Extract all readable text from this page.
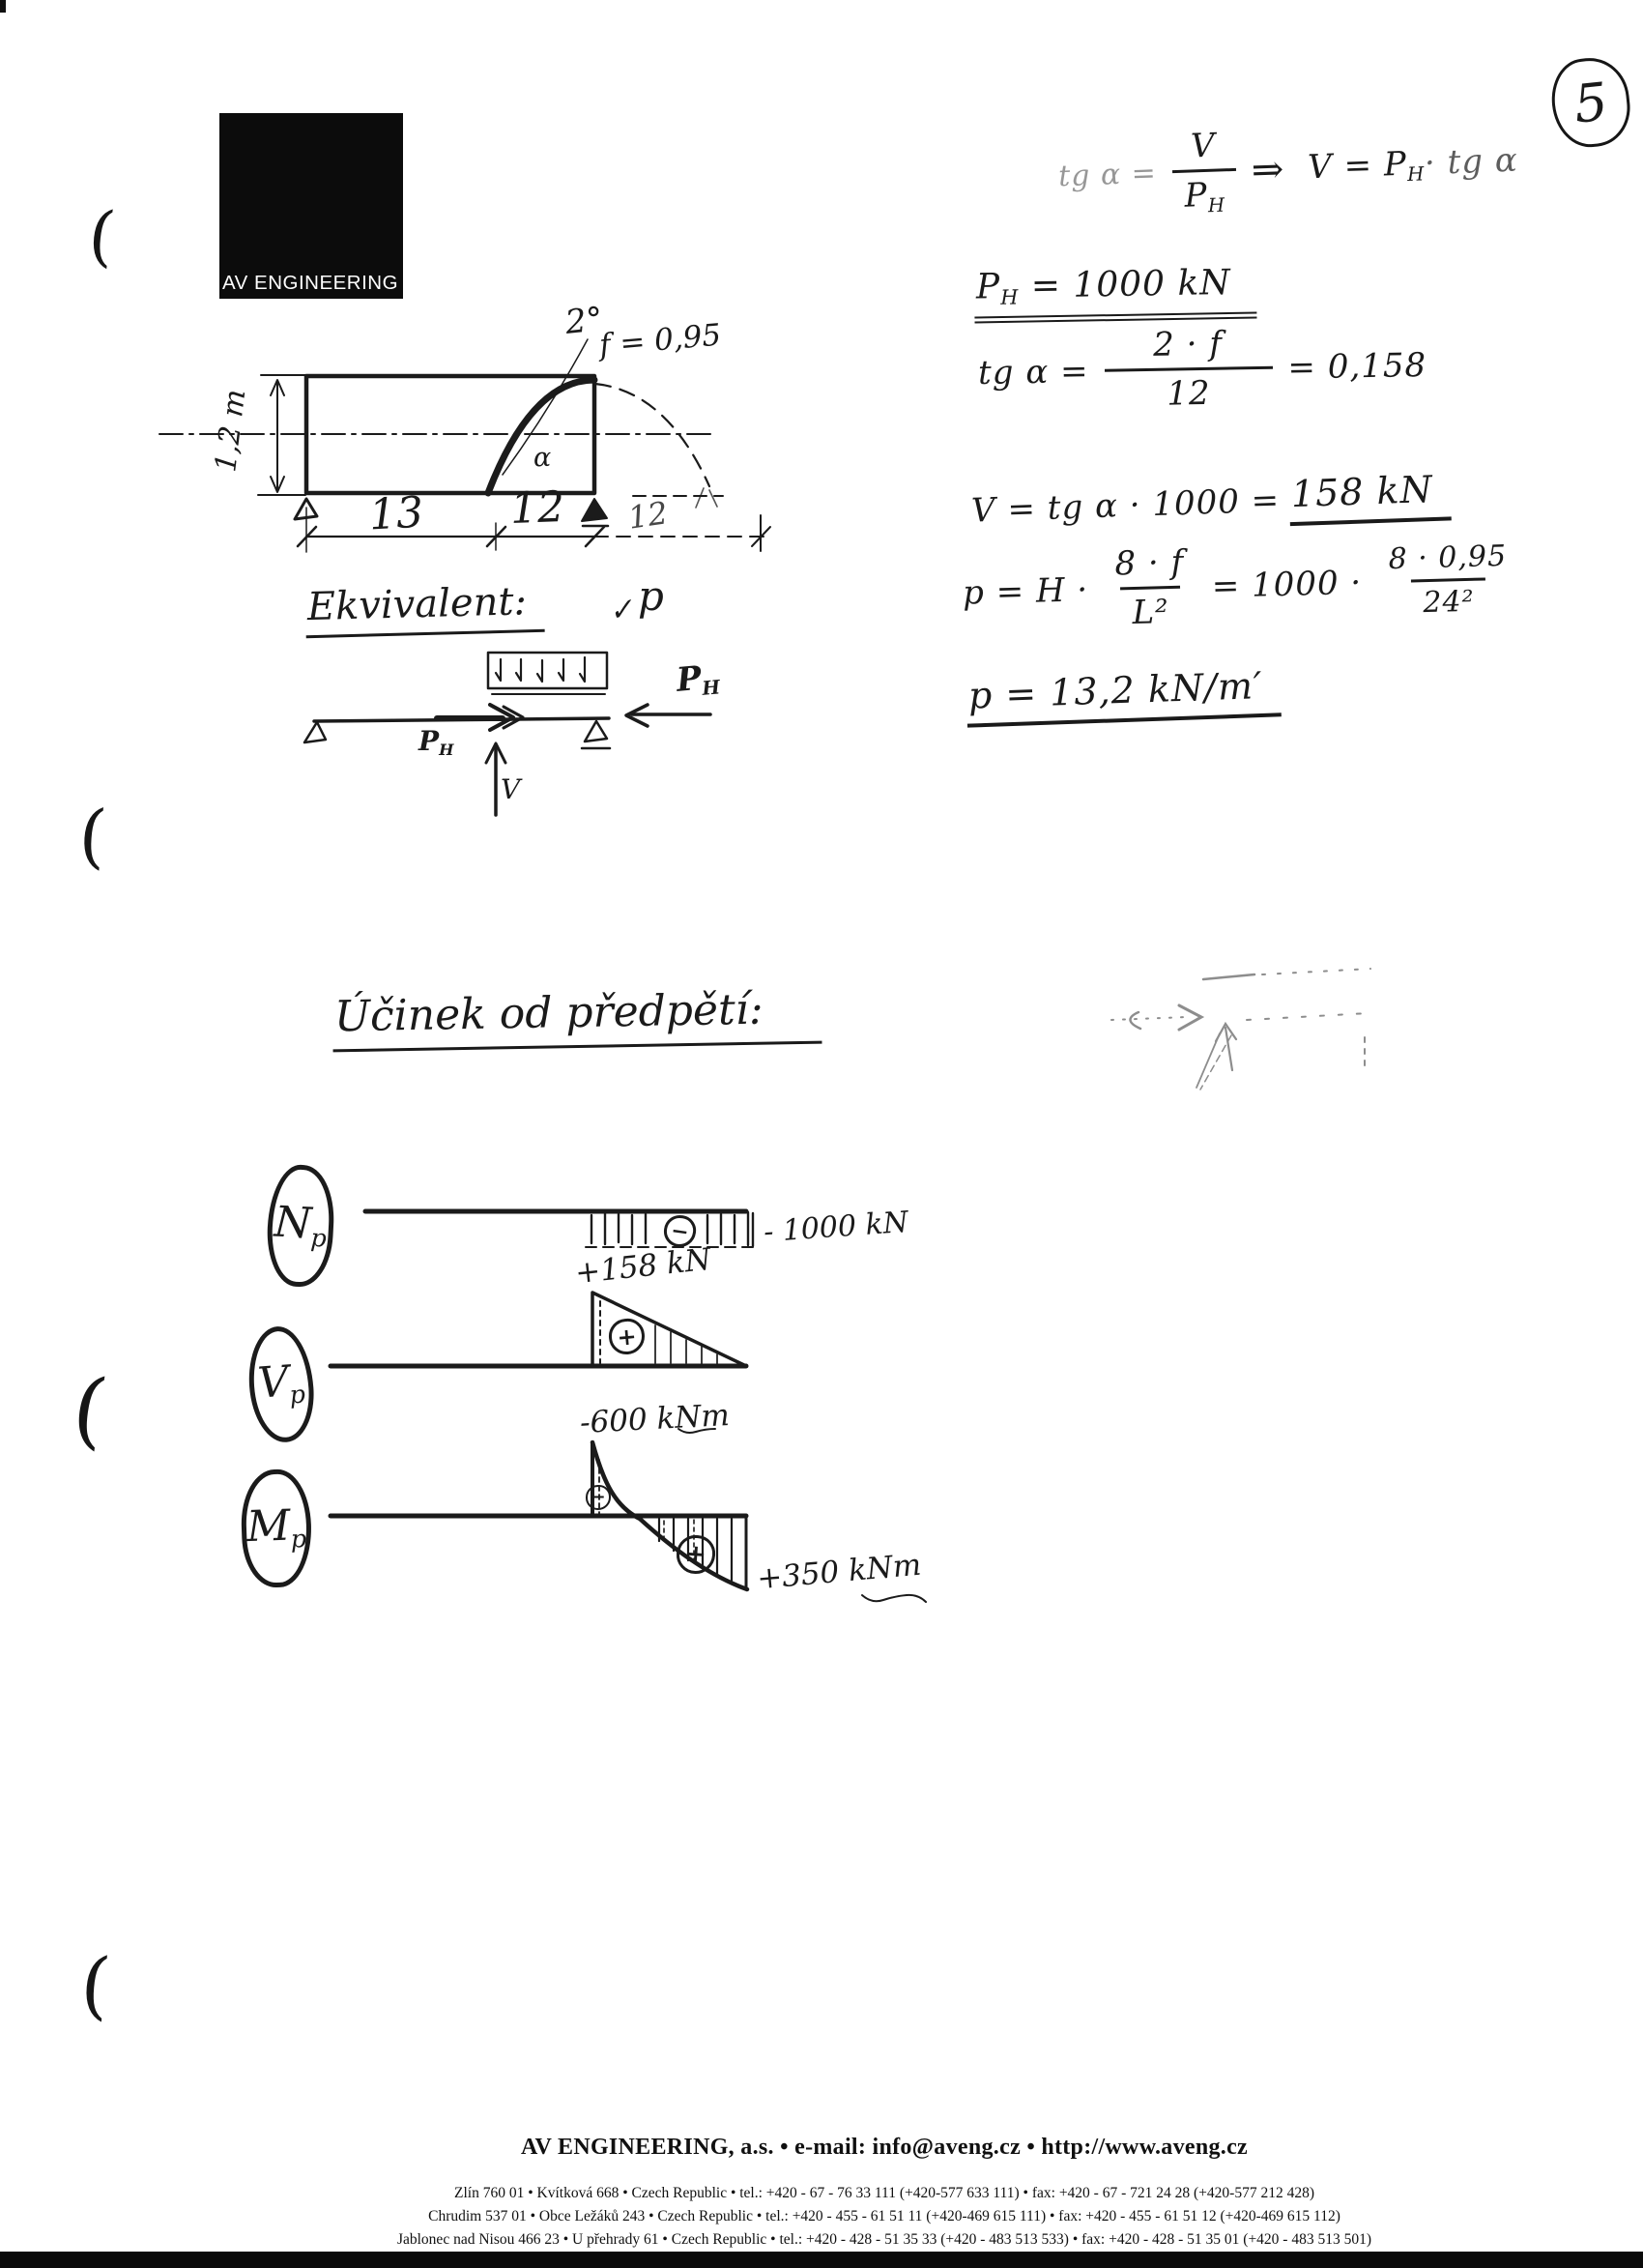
5
AV ENGINEERING
(
(
(
(
tg $\alpha = \frac{V}{P_H}$ ⇒ $V = P_H\cdot$ tg α
$P_H = 1000$ kN
tg $\alpha = \frac{2 \cdot f}{12} = 0,158$
V = tg α · 1000 = 158 kN
$p = H \cdot \frac{8 \cdot f}{\text{L²}} = 1000 \cdot \frac{8 \cdot 0,95}{\text{24²}}$
p = 13,2 kN/m′
2°
f = 0,95
α
1,2 m
13 12 12
Ekvivalent:	✓ p
$P_H$
$P_H$
V
Účinek od předpětí:
$N_p$
$V_p$
$M_p$
−
+
−
+
- 1000 kN
+158 kN
-600 kNm
+350 kNm
AV ENGINEERING, a.s. • e-mail: info@aveng.cz • http://www.aveng.cz
Zlín 760 01 • Kvítková 668 • Czech Republic • tel.: +420 - 67 - 76 33 111 (+420-577 633 111) • fax: +420 - 67 - 721 24 28 (+420-577 212 428)
Chrudim 537 01 • Obce Ležáků 243 • Czech Republic • tel.: +420 - 455 - 61 51 11 (+420-469 615 111) • fax: +420 - 455 - 61 51 12 (+420-469 615 112)
Jablonec nad Nisou 466 23 • U přehrady 61 • Czech Republic • tel.: +420 - 428 - 51 35 33 (+420 - 483 513 533) • fax: +420 - 428 - 51 35 01 (+420 - 483 513 501)
